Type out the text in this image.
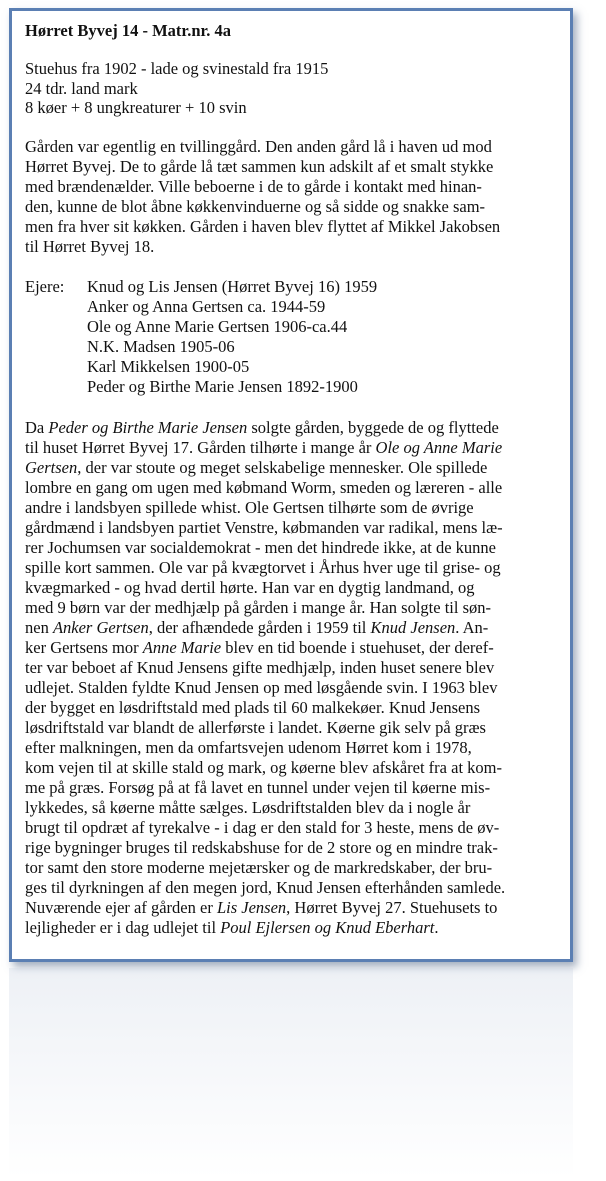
Hørret Byvej 14 - Matr.nr. 4a

Stuehus fra 1902 - lade og svinestald fra 1915

24 tdr. land mark

8 køer + 8 ungkreaturer + 10 svin

Gården var egentlig en tvillinggård. Den anden gård lå i haven ud mod
Hørret Byvej. De to gårde lå tæt sammen kun adskilt af et smalt stykke
med brændenælder. Ville beboerne i de to gårde i kontakt med hinan-
den, kunne de blot åbne køkkenvinduerne og så sidde og snakke sam-
men fra hver sit køkken. Gården i haven blev flyttet af Mikkel Jakobsen
til Hørret Byvej 18.
Ejere:	Knud og Lis Jensen (Hørret Byvej 16) 1959
Anker og Anna Gertsen ca. 1944-59
Ole og Anne Marie Gertsen 1906-ca.44
N.K. Madsen 1905-06
Karl Mikkelsen 1900-05
Peder og Birthe Marie Jensen 1892-1900
Da Peder og Birthe Marie Jensen solgte gården, byggede de og flyttede
til huset Hørret Byvej 17. Gården tilhørte i mange år Ole og Anne Marie
Gertsen, der var stoute og meget selskabelige mennesker. Ole spillede
lombre en gang om ugen med købmand Worm, smeden og læreren - alle
andre i landsbyen spillede whist. Ole Gertsen tilhørte som de øvrige
gårdmænd i landsbyen partiet Venstre, købmanden var radikal, mens læ-
rer Jochumsen var socialdemokrat - men det hindrede ikke, at de kunne
spille kort sammen. Ole var på kvægtorvet i Århus hver uge til grise- og
kvægmarked - og hvad dertil hørte. Han var en dygtig landmand, og
med 9 børn var der medhjælp på gården i mange år. Han solgte til søn-
nen Anker Gertsen, der afhændede gården i 1959 til Knud Jensen. An-
ker Gertsens mor Anne Marie blev en tid boende i stuehuset, der deref-
ter var beboet af Knud Jensens gifte medhjælp, inden huset senere blev
udlejet. Stalden fyldte Knud Jensen op med løsgående svin. I 1963 blev
der bygget en løsdriftstald med plads til 60 malkekøer. Knud Jensens
løsdriftstald var blandt de allerførste i landet. Køerne gik selv på græs
efter malkningen, men da omfartsvejen udenom Hørret kom i 1978,
kom vejen til at skille stald og mark, og køerne blev afskåret fra at kom-
me på græs. Forsøg på at få lavet en tunnel under vejen til køerne mis-
lykkedes, så køerne måtte sælges. Løsdriftstalden blev da i nogle år
brugt til opdræt af tyrekalve - i dag er den stald for 3 heste, mens de øv-
rige bygninger bruges til redskabshuse for de 2 store og en mindre trak-
tor samt den store moderne mejetærsker og de markredskaber, der bru-
ges til dyrkningen af den megen jord, Knud Jensen efterhånden samlede.
Nuværende ejer af gården er Lis Jensen, Hørret Byvej 27. Stuehusets to
lejligheder er i dag udlejet til Poul Ejlersen og Knud Eberhart.
